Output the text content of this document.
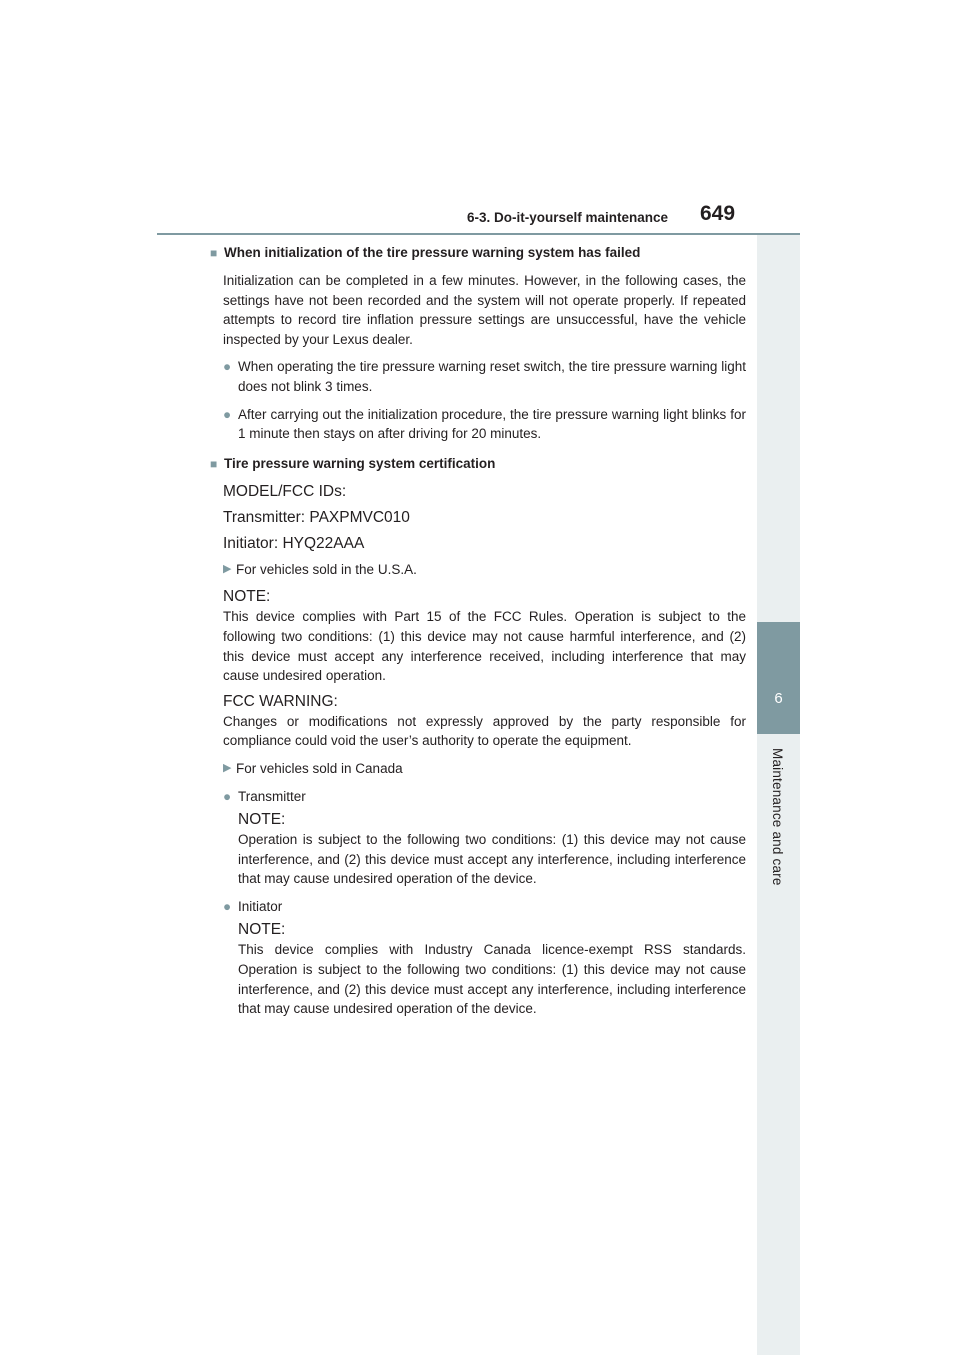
6-3. Do-it-yourself maintenance 649
6
Maintenance and care
■ When initialization of the tire pressure warning system has failed
Initialization can be completed in a few minutes. However, in the following cases, the settings have not been recorded and the system will not operate properly. If repeated attempts to record tire inflation pressure settings are unsuccessful, have the vehicle inspected by your Lexus dealer.
● When operating the tire pressure warning reset switch, the tire pressure warning light does not blink 3 times.
● After carrying out the initialization procedure, the tire pressure warning light blinks for 1 minute then stays on after driving for 20 minutes.
■ Tire pressure warning system certification
MODEL/FCC IDs:
Transmitter: PAXPMVC010
Initiator: HYQ22AAA
▶ For vehicles sold in the U.S.A.
NOTE:
This device complies with Part 15 of the FCC Rules. Operation is subject to the following two conditions: (1) this device may not cause harmful interference, and (2) this device must accept any interference received, including interference that may cause undesired operation.
FCC WARNING:
Changes or modifications not expressly approved by the party responsible for compliance could void the user’s authority to operate the equipment.
▶ For vehicles sold in Canada
● Transmitter
NOTE:
Operation is subject to the following two conditions: (1) this device may not cause interference, and (2) this device must accept any interference, including interference that may cause undesired operation of the device.
● Initiator
NOTE:
This device complies with Industry Canada licence-exempt RSS standards. Operation is subject to the following two conditions: (1) this device may not cause interference, and (2) this device must accept any interference, including interference that may cause undesired operation of the device.
